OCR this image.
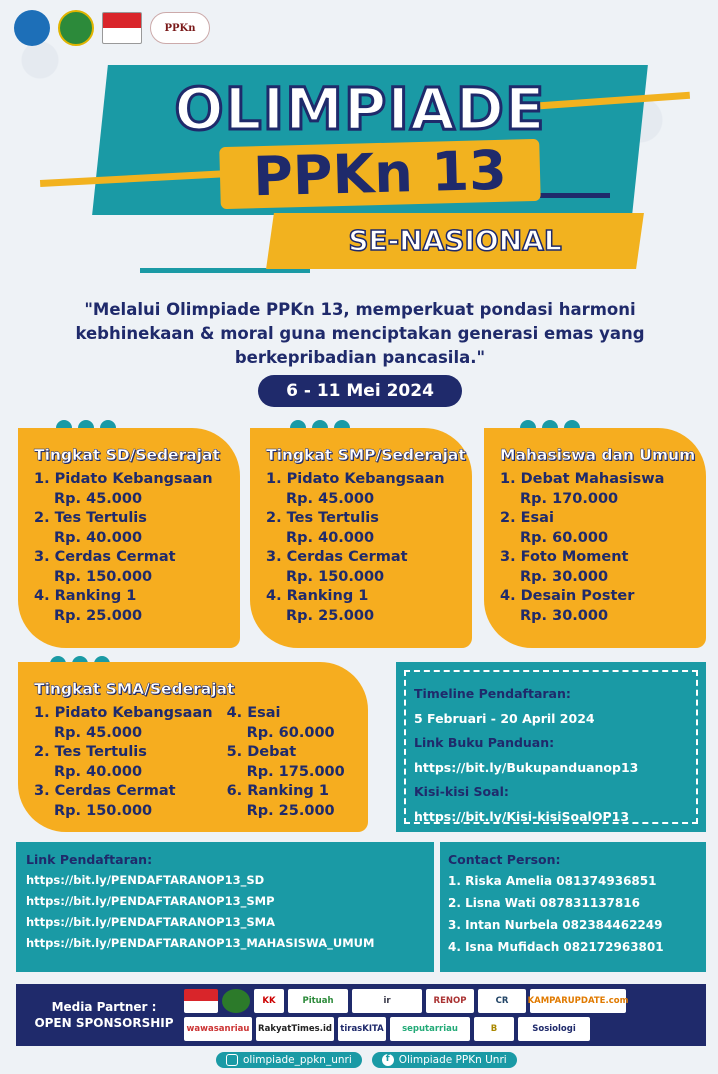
PPKn
OLIMPIADE
PPKn 13
SE-NASIONAL
"Melalui Olimpiade PPKn 13, memperkuat pondasi harmoni kebhinekaan & moral guna menciptakan generasi emas yang berkepribadian pancasila."
6 - 11 Mei 2024
Tingkat SD/Sederajat
1. Pidato Kebangsaan
Rp. 45.000
2. Tes Tertulis
Rp. 40.000
3. Cerdas Cermat
Rp. 150.000
4. Ranking 1
Rp. 25.000
Tingkat SMP/Sederajat
1. Pidato Kebangsaan
Rp. 45.000
2. Tes Tertulis
Rp. 40.000
3. Cerdas Cermat
Rp. 150.000
4. Ranking 1
Rp. 25.000
Mahasiswa dan Umum
1. Debat Mahasiswa
Rp. 170.000
2. Esai
Rp. 60.000
3. Foto Moment
Rp. 30.000
4. Desain Poster
Rp. 30.000
Tingkat SMA/Sederajat
1. Pidato Kebangsaan
Rp. 45.000
2. Tes Tertulis
Rp. 40.000
3. Cerdas Cermat
Rp. 150.000
4. Esai
Rp. 60.000
5. Debat
Rp. 175.000
6. Ranking 1
Rp. 25.000
Timeline Pendaftaran:
5 Februari - 20 April 2024
Link Buku Panduan:
https://bit.ly/Bukupanduanop13
Kisi-kisi Soal:
https://bit.ly/Kisi-kisiSoalOP13
Link Pendaftaran:
https://bit.ly/PENDAFTARANOP13_SD
https://bit.ly/PENDAFTARANOP13_SMP
https://bit.ly/PENDAFTARANOP13_SMA
https://bit.ly/PENDAFTARANOP13_MAHASISWA_UMUM
Contact Person:
1. Riska Amelia 081374936851
2. Lisna Wati 087831137816
3. Intan Nurbela 082384462249
4. Isna Mufidach 082172963801
Media Partner :
OPEN SPONSORSHIP
KK	Pituah	ir	RENOP	CR	KAMPARUPDATE.com
wawasanriau RakyatTimes.id tirasKITA	seputarriau	B	Sosiologi
olimpiade_ppkn_unri	f Olimpiade PPKn Unri
